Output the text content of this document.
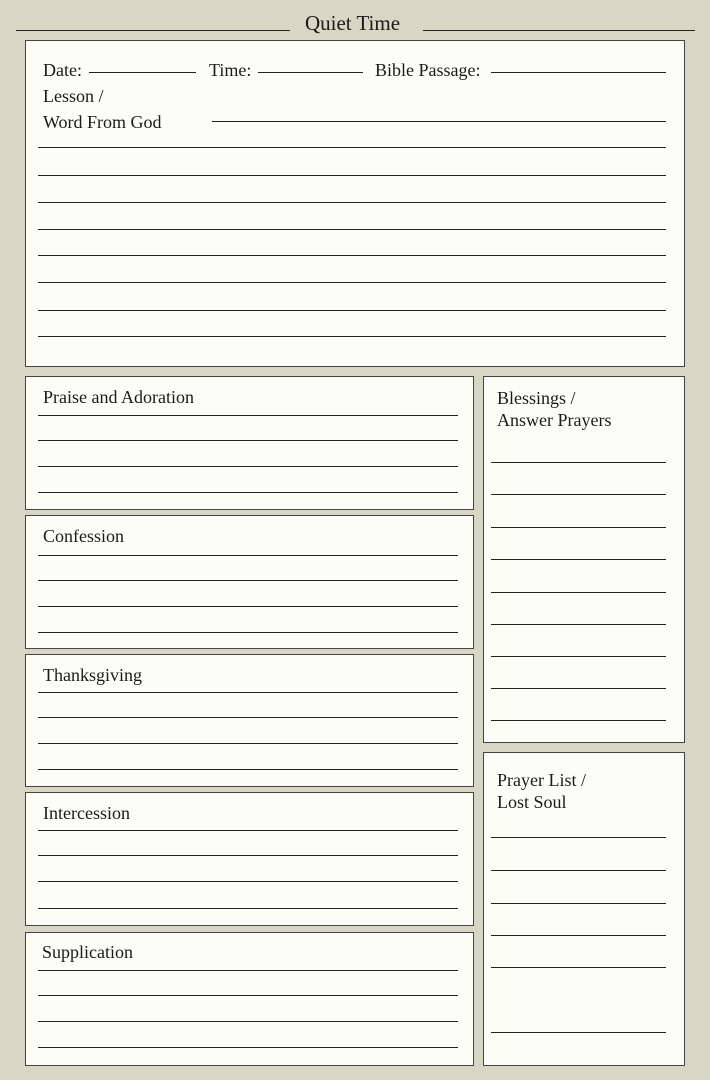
Quiet Time
Date:	Time:	Bible Passage:
Lesson /
Word From God
Praise and Adoration
Confession
Thanksgiving
Intercession
Supplication
Blessings /
Answer Prayers
Prayer List /
Lost Soul
